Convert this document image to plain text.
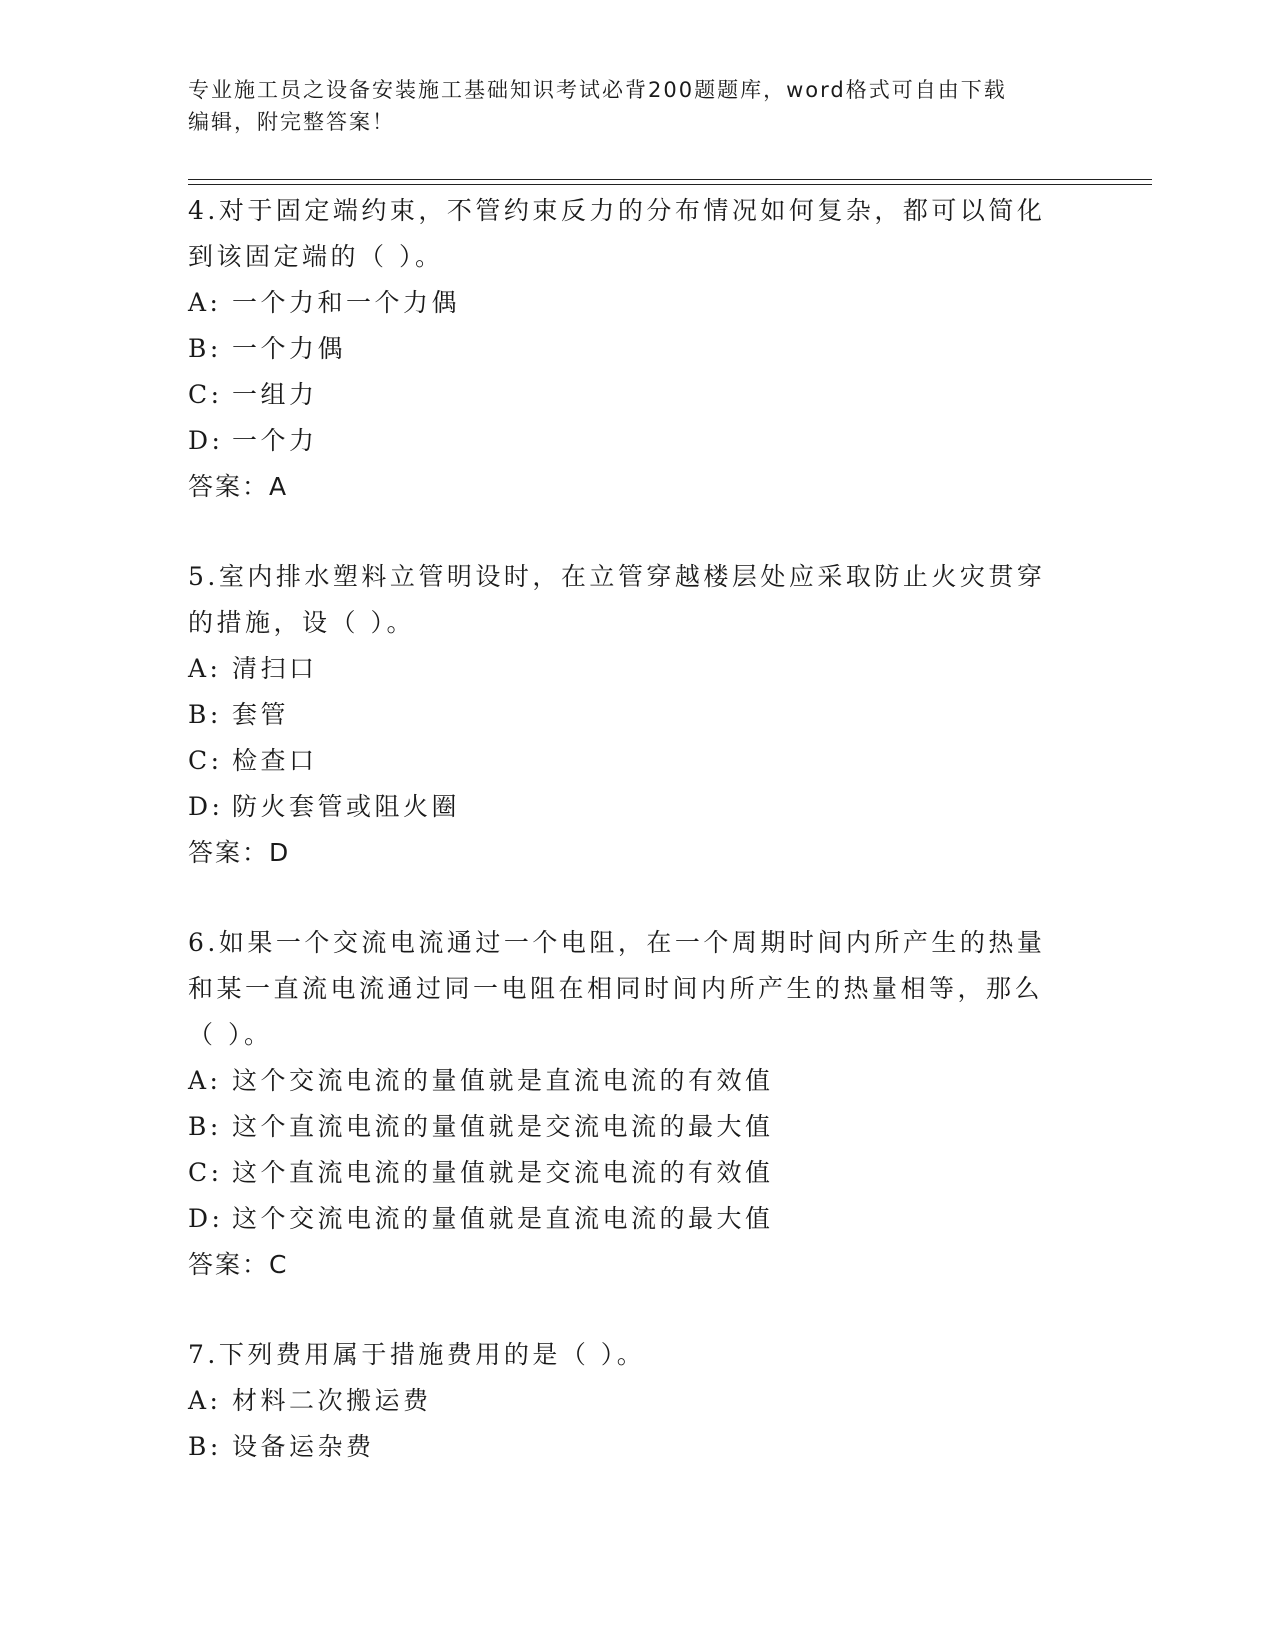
专业施工员之设备安装施工基础知识考试必背200题题库，word格式可自由下载
编辑，附完整答案！
4.对于固定端约束，不管约束反力的分布情况如何复杂，都可以简化
到该固定端的（ ）。
A: 一个力和一个力偶
B: 一个力偶
C: 一组力
D: 一个力
答案：A
5.室内排水塑料立管明设时，在立管穿越楼层处应采取防止火灾贯穿
的措施，设（ ）。
A: 清扫口
B: 套管
C: 检查口
D: 防火套管或阻火圈
答案：D
6.如果一个交流电流通过一个电阻，在一个周期时间内所产生的热量
和某一直流电流通过同一电阻在相同时间内所产生的热量相等，那么
（ ）。
A: 这个交流电流的量值就是直流电流的有效值
B: 这个直流电流的量值就是交流电流的最大值
C: 这个直流电流的量值就是交流电流的有效值
D: 这个交流电流的量值就是直流电流的最大值
答案：C
7.下列费用属于措施费用的是（ ）。
A: 材料二次搬运费
B: 设备运杂费
